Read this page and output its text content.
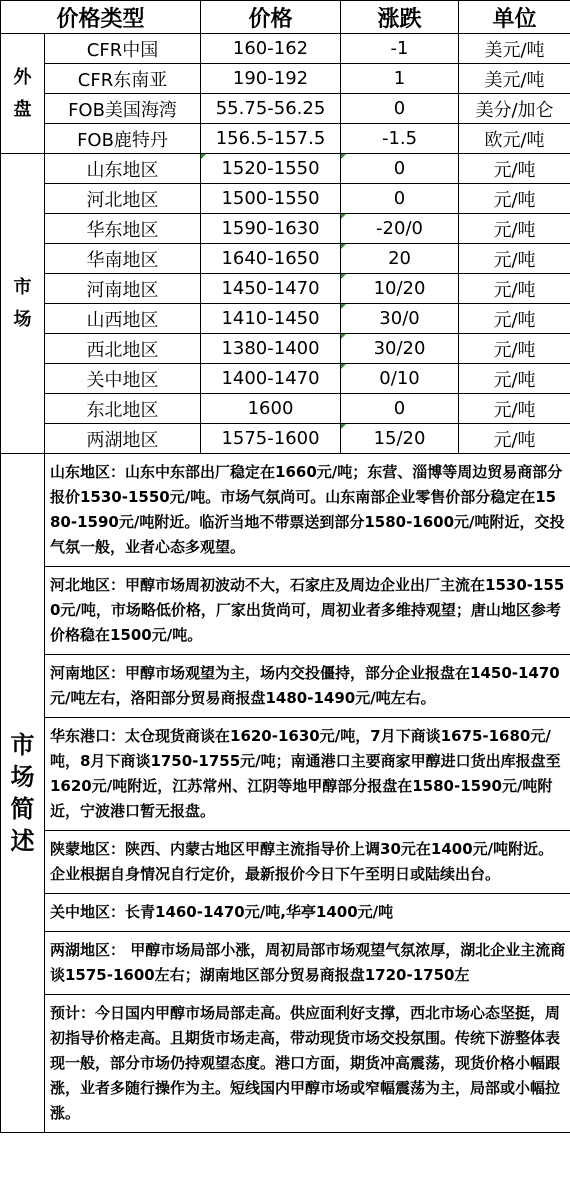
价格类型		价格	涨跌	单位

外
盘	CFR中国	160-162	-1	美元/吨
	CFR东南亚	190-192	1	美元/吨
	FOB美国海湾	55.75-56.25	0	美分/加仑
	FOB鹿特丹	156.5-157.5	-1.5	欧元/吨

市
场	山东地区	1520-1550	0	元/吨
	河北地区	1500-1550	0	元/吨
	华东地区	1590-1630	-20/0	元/吨
	华南地区	1640-1650	20	元/吨
	河南地区	1450-1470	10/20	元/吨
	山西地区	1410-1450	30/0	元/吨
	西北地区	1380-1400	30/20	元/吨
	关中地区	1400-1470	0/10	元/吨
	东北地区	1600	0	元/吨
	两湖地区	1575-1600	15/20	元/吨

市
场
简
述	山东地区：山东中东部出厂稳定在1660元/吨；东营、淄博等周边贸易商部分报价1530-1550元/吨。市场气氛尚可。山东南部企业零售价部分稳定在1580-1590元/吨附近。临沂当地不带票送到部分1580-1600元/吨附近，交投气氛一般，业者心态多观望。			
	河北地区：甲醇市场周初波动不大，石家庄及周边企业出厂主流在1530-1550元/吨，市场略低价格，厂家出货尚可，周初业者多维持观望；唐山地区参考价格稳在1500元/吨。			
	河南地区：甲醇市场观望为主，场内交投僵持，部分企业报盘在1450-1470元/吨左右，洛阳部分贸易商报盘1480-1490元/吨左右。			
	华东港口：太仓现货商谈在1620-1630元/吨，7月下商谈1675-1680元/吨，8月下商谈1750-1755元/吨；南通港口主要商家甲醇进口货出库报盘至1620元/吨附近，江苏常州、江阴等地甲醇部分报盘在1580-1590元/吨附近，宁波港口暂无报盘。			
	陕蒙地区：陕西、内蒙古地区甲醇主流指导价上调30元在1400元/吨附近。企业根据自身情况自行定价，最新报价今日下午至明日或陆续出台。			
	关中地区：长青1460-1470元/吨,华亭1400元/吨			
	两湖地区： 甲醇市场局部小涨，周初局部市场观望气氛浓厚，湖北企业主流商谈1575-1600左右；湖南地区部分贸易商报盘1720-1750左			
	预计：今日国内甲醇市场局部走高。供应面利好支撑，西北市场心态坚挺，周初指导价格走高。且期货市场走高，带动现货市场交投氛围。传统下游整体表现一般，部分市场仍持观望态度。港口方面，期货冲高震荡，现货价格小幅跟涨，业者多随行操作为主。短线国内甲醇市场或窄幅震荡为主，局部或小幅拉涨。			
